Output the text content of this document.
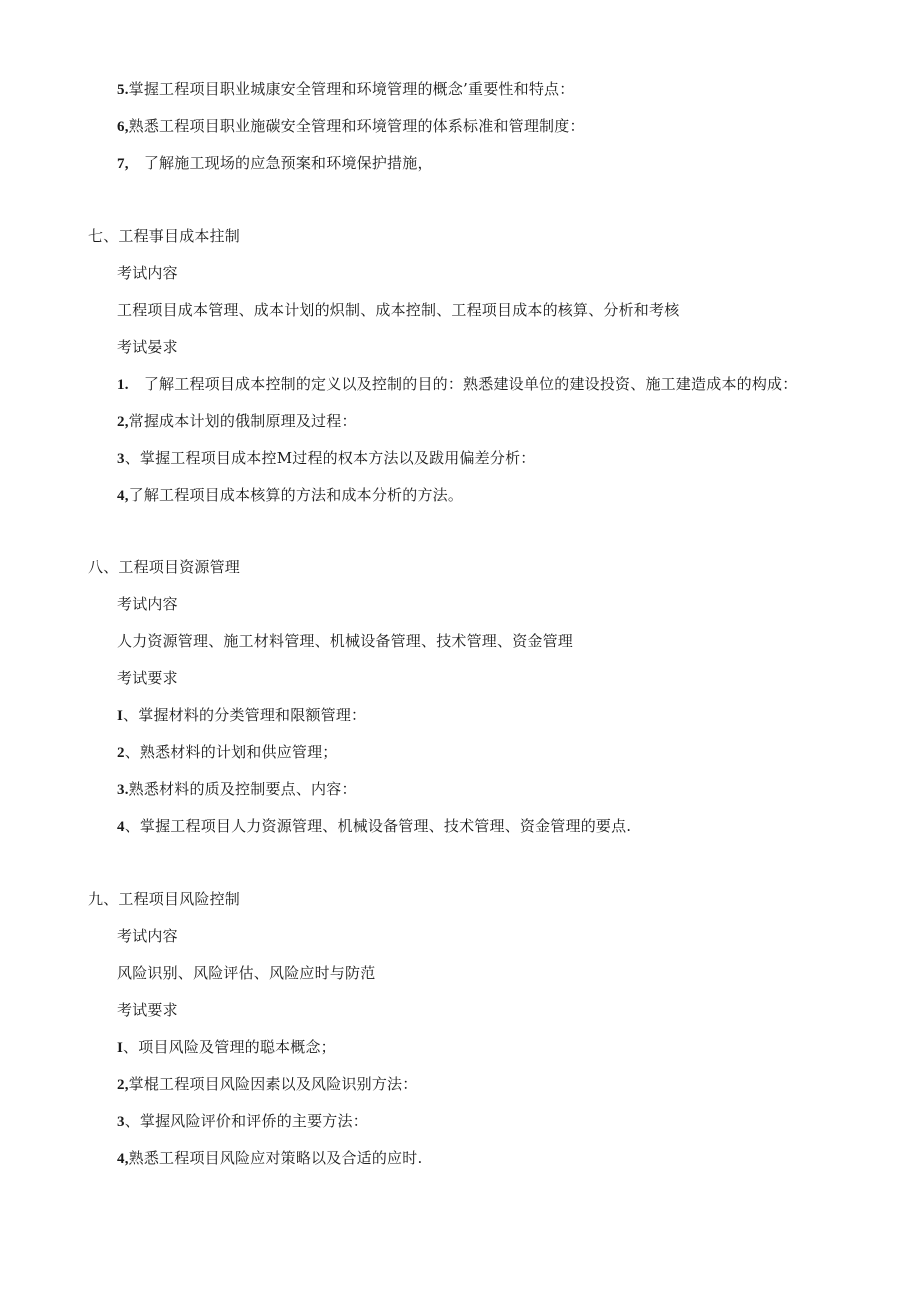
5.掌握工程项目职业城康安全管理和环境管理的概念’重要性和特点：
6,熟悉工程项目职业施碳安全管理和环境管理的体系标准和管理制度：
7,　了解施工现场的应急预案和环境保护措施，
七、工程事目成本拄制
考试内容
工程项目成本管理、成本计划的炽制、成本控制、工程项目成本的核算、分析和考核
考试晏求
1.　了解工程项目成本控制的定义以及控制的目的：熟悉建设单位的建设投资、施工建造成本的构成：
2,常握成本计划的俄制原理及过程：
3、掌握工程项目成本控M过程的权本方法以及跋用偏差分析：
4,了解工程项目成本核算的方法和成本分析的方法。
八、工程项目资源管理
考试内容
人力资源管理、施工材料管理、机械设备管理、技术管理、资金管理
考试要求
I、掌握材料的分类管理和限额管理：
2、熟悉材料的计划和供应管理；
3.熟悉材料的质及控制要点、内容：
4、掌握工程项目人力资源管理、机械设备管理、技术管理、资金管理的要点.
九、工程项目风险控制
考试内容
风险识别、风险评估、风险应时与防范
考试要求
I、项目风险及管理的聪本概念；
2,掌棍工程项目风险因素以及风险识别方法：
3、掌握风险评价和评侨的主要方法：
4,熟悉工程项目风险应对策略以及合适的应时.
